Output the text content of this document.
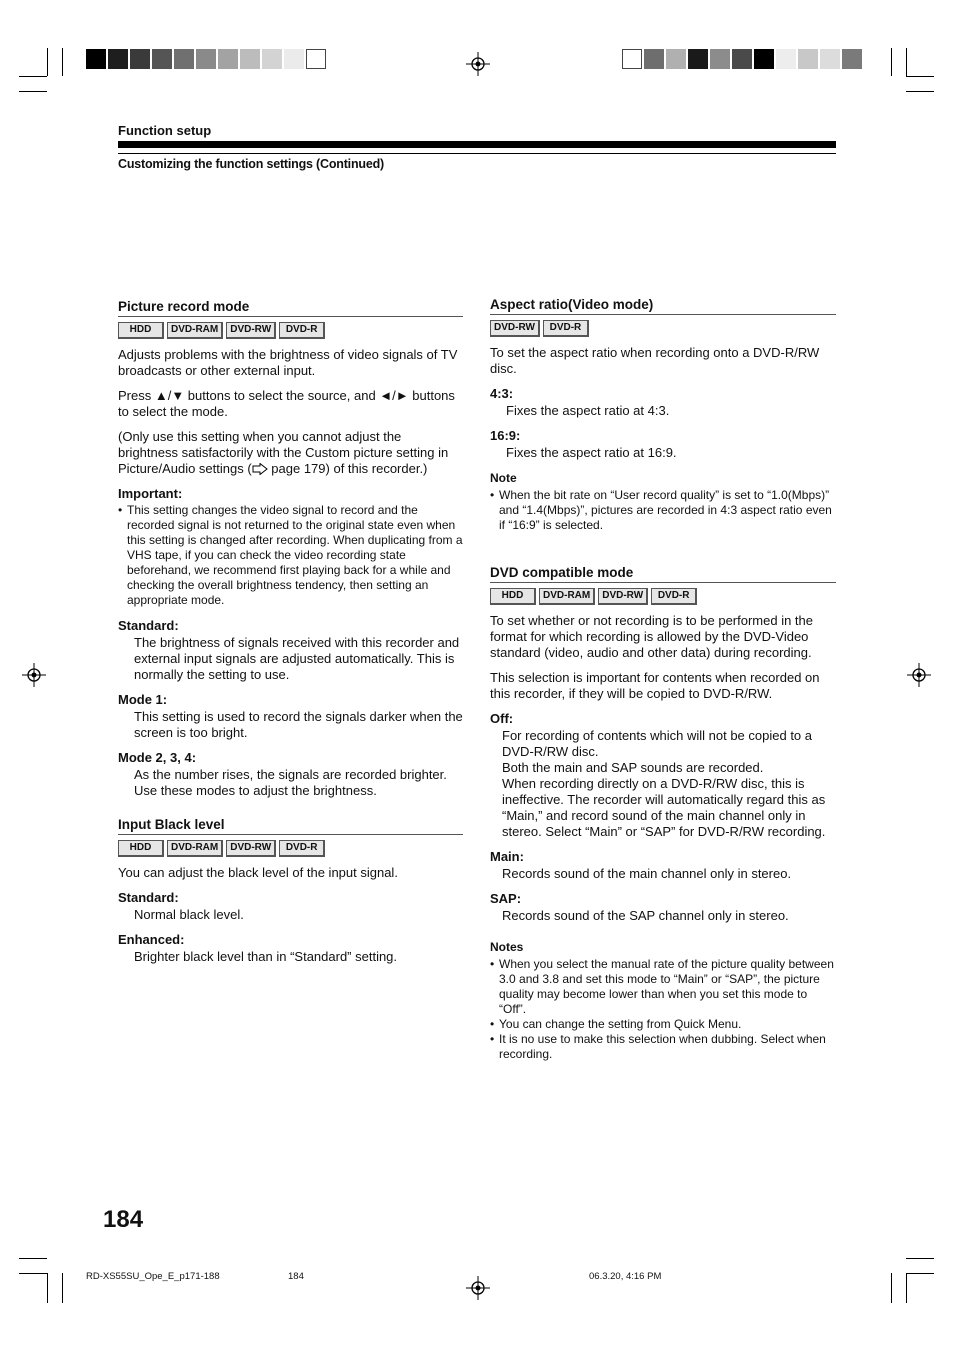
Function setup
Customizing the function settings (Continued)
Picture record mode
HDD	DVD-RAM	DVD-RW	DVD-R

Adjusts problems with the brightness of video signals of TV broadcasts or other external input.

Press ▲/▼ buttons to select the source, and ◄/► buttons to select the mode.

(Only use this setting when you cannot adjust the brightness satisfactorily with the Custom picture setting in Picture/Audio settings ( page 179) of this recorder.)

Important:
• This setting changes the video signal to record and the recorded signal is not returned to the original state even when this setting is changed after recording. When duplicating from a VHS tape, if you can check the video recording state beforehand, we recommend first playing back for a while and checking the overall brightness tendency, then setting an appropriate mode.
Standard:

The brightness of signals received with this recorder and external input signals are adjusted automatically. This is normally the setting to use.

Mode 1:

This setting is used to record the signals darker when the screen is too bright.

Mode 2, 3, 4:

As the number rises, the signals are recorded brighter. Use these modes to adjust the brightness.

Input Black level
HDD	DVD-RAM	DVD-RW	DVD-R

You can adjust the black level of the input signal.

Standard:

Normal black level.

Enhanced:

Brighter black level than in “Standard” setting.

Aspect ratio(Video mode)
DVD-RW	DVD-R

To set the aspect ratio when recording onto a DVD-R/RW disc.

4:3:

Fixes the aspect ratio at 4:3.

16:9:

Fixes the aspect ratio at 16:9.

Note
• When the bit rate on “User record quality” is set to “1.0(Mbps)” and “1.4(Mbps)”, pictures are recorded in 4:3 aspect ratio even if “16:9” is selected.
DVD compatible mode
HDD	DVD-RAM	DVD-RW	DVD-R

To set whether or not recording is to be performed in the format for which recording is allowed by the DVD-Video standard (video, audio and other data) during recording.

This selection is important for contents when recorded on this recorder, if they will be copied to DVD-R/RW.

Off:
For recording of contents which will not be copied to a DVD-R/RW disc.
Both the main and SAP sounds are recorded.
When recording directly on a DVD-R/RW disc, this is ineffective. The recorder will automatically regard this as “Main,” and record sound of the main channel only in stereo. Select “Main” or “SAP” for DVD-R/RW recording.
Main:

Records sound of the main channel only in stereo.

SAP:

Records sound of the SAP channel only in stereo.

Notes
• When you select the manual rate of the picture quality between 3.0 and 3.8 and set this mode to “Main” or “SAP”, the picture quality may become lower than when you set this mode to “Off”.
• You can change the setting from Quick Menu.
• It is no use to make this selection when dubbing. Select when recording.
184
RD-XS55SU_Ope_E_p171-188	184	06.3.20, 4:16 PM
